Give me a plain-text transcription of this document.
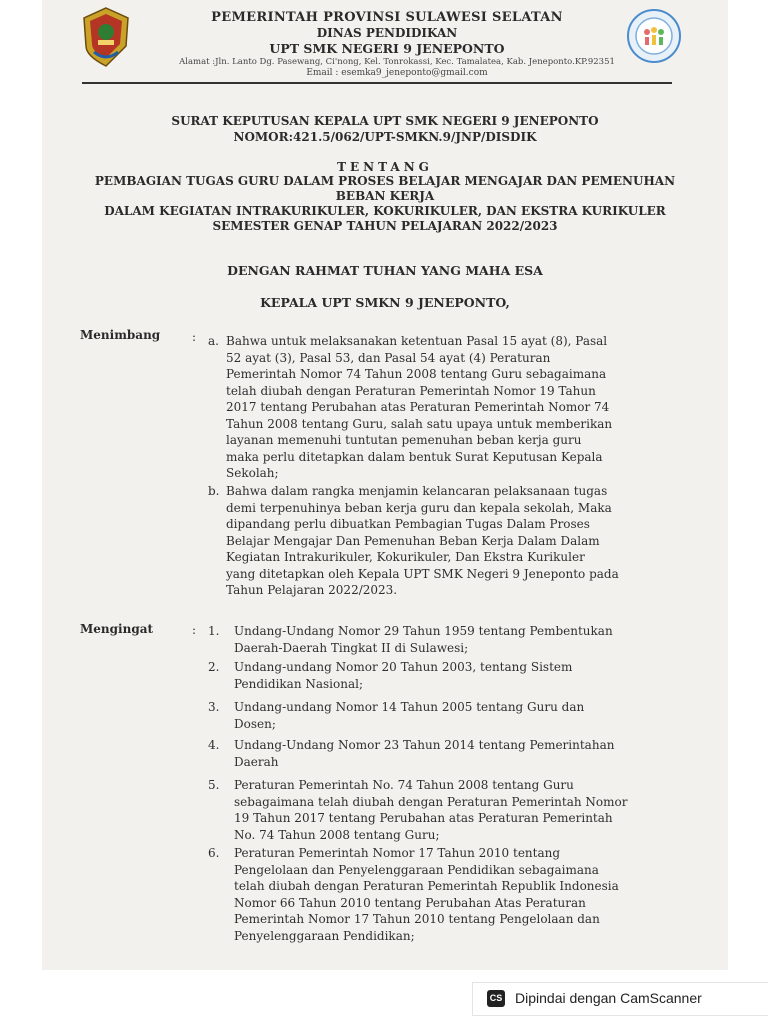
PEMERINTAH PROVINSI SULAWESI SELATAN
DINAS PENDIDIKAN
UPT SMK NEGERI 9 JENEPONTO
Alamat :Jln. Lanto Dg. Pasewang, Ci'nong, Kel. Tonrokassi, Kec. Tamalatea, Kab. Jeneponto.KP.92351
Email : esemka9_jeneponto@gmail.com
SURAT KEPUTUSAN KEPALA UPT SMK NEGERI 9 JENEPONTO
NOMOR:421.5/062/UPT-SMKN.9/JNP/DISDIK
TENTANG
PEMBAGIAN TUGAS GURU DALAM PROSES BELAJAR MENGAJAR DAN PEMENUHAN
BEBAN KERJA
DALAM KEGIATAN INTRAKURIKULER, KOKURIKULER, DAN EKSTRA KURIKULER
SEMESTER GENAP TAHUN PELAJARAN 2022/2023
DENGAN RAHMAT TUHAN YANG MAHA ESA
KEPALA UPT SMKN 9 JENEPONTO,
Menimbang	: a. Bahwa untuk melaksanakan ketentuan Pasal 15 ayat (8), Pasal
52 ayat (3), Pasal 53, dan Pasal 54 ayat (4) Peraturan
Pemerintah Nomor 74 Tahun 2008 tentang Guru sebagaimana
telah diubah dengan Peraturan Pemerintah Nomor 19 Tahun
2017 tentang Perubahan atas Peraturan Pemerintah Nomor 74
Tahun 2008 tentang Guru, salah satu upaya untuk memberikan
layanan memenuhi tuntutan pemenuhan beban kerja guru
maka perlu ditetapkan dalam bentuk Surat Keputusan Kepala
Sekolah;
b. Bahwa dalam rangka menjamin kelancaran pelaksanaan tugas
demi terpenuhinya beban kerja guru dan kepala sekolah, Maka
dipandang perlu dibuatkan Pembagian Tugas Dalam Proses
Belajar Mengajar Dan Pemenuhan Beban Kerja Dalam Dalam
Kegiatan Intrakurikuler, Kokurikuler, Dan Ekstra Kurikuler
yang ditetapkan oleh Kepala UPT SMK Negeri 9 Jeneponto pada
Tahun Pelajaran 2022/2023.
Mengingat	: 1. Undang-Undang Nomor 29 Tahun 1959 tentang Pembentukan
Daerah-Daerah Tingkat II di Sulawesi;
2. Undang-undang Nomor 20 Tahun 2003, tentang Sistem
Pendidikan Nasional;
3. Undang-undang Nomor 14 Tahun 2005 tentang Guru dan
Dosen;
4. Undang-Undang Nomor 23 Tahun 2014 tentang Pemerintahan
Daerah
5. Peraturan Pemerintah No. 74 Tahun 2008 tentang Guru
sebagaimana telah diubah dengan Peraturan Pemerintah Nomor
19 Tahun 2017 tentang Perubahan atas Peraturan Pemerintah
No. 74 Tahun 2008 tentang Guru;
6. Peraturan Pemerintah Nomor 17 Tahun 2010 tentang
Pengelolaan dan Penyelenggaraan Pendidikan sebagaimana
telah diubah dengan Peraturan Pemerintah Republik Indonesia
Nomor 66 Tahun 2010 tentang Perubahan Atas Peraturan
Pemerintah Nomor 17 Tahun 2010 tentang Pengelolaan dan
Penyelenggaraan Pendidikan;
CS Dipindai dengan CamScanner
